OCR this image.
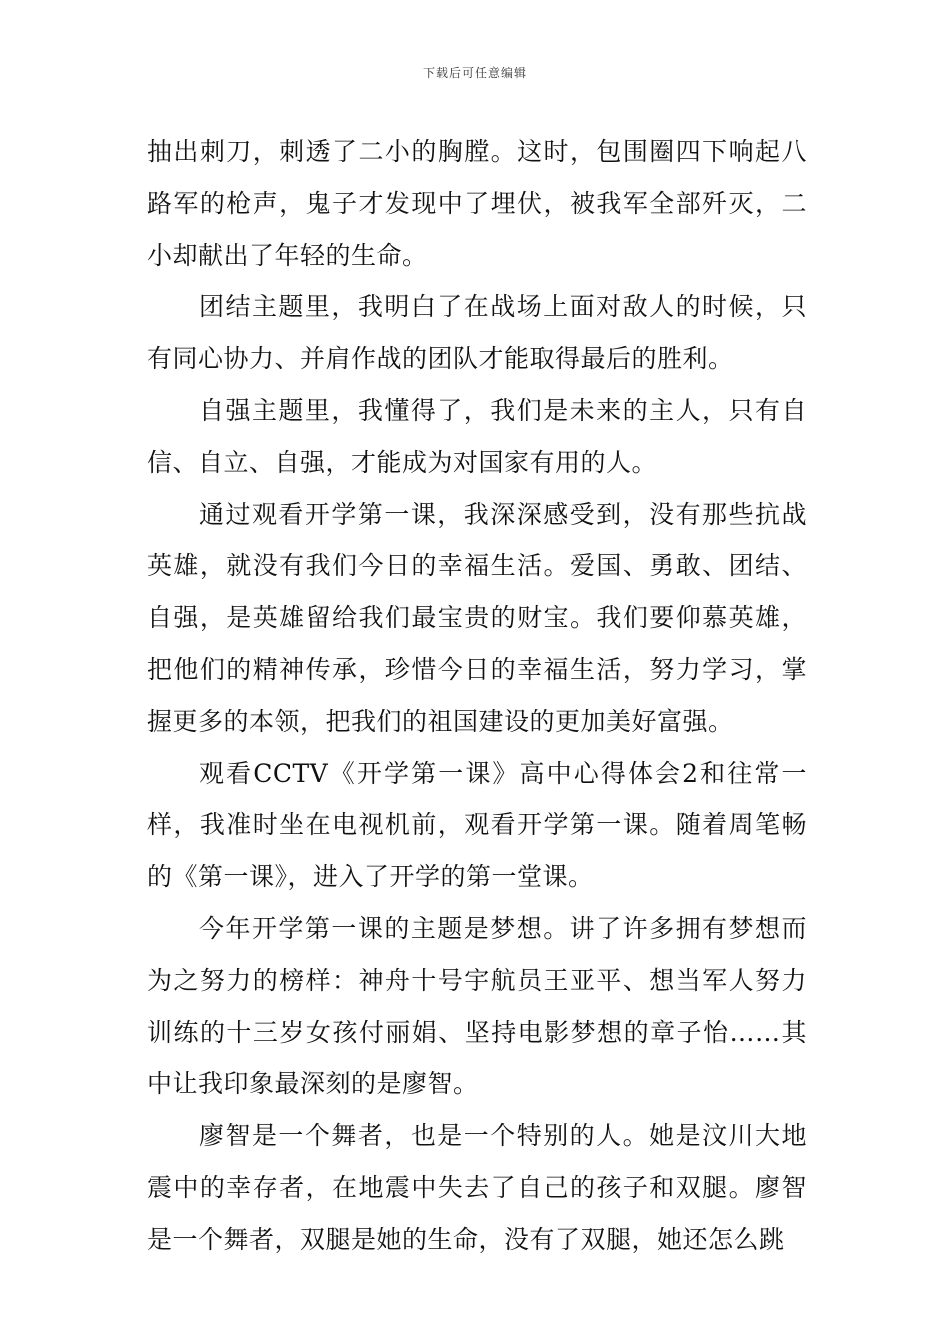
下载后可任意编辑

抽出刺刀，刺透了二小的胸膛。这时，包围圈四下响起八路军的枪声，鬼子才发现中了埋伏，被我军全部歼灭，二小却献出了年轻的生命。

团结主题里，我明白了在战场上面对敌人的时候，只有同心协力、并肩作战的团队才能取得最后的胜利。

自强主题里，我懂得了，我们是未来的主人，只有自信、自立、自强，才能成为对国家有用的人。

通过观看开学第一课，我深深感受到，没有那些抗战英雄，就没有我们今日的幸福生活。爱国、勇敢、团结、自强，是英雄留给我们最宝贵的财宝。我们要仰慕英雄，把他们的精神传承，珍惜今日的幸福生活，努力学习，掌握更多的本领，把我们的祖国建设的更加美好富强。

观看CCTV《开学第一课》高中心得体会2和往常一样，我准时坐在电视机前，观看开学第一课。随着周笔畅的《第一课》，进入了开学的第一堂课。

今年开学第一课的主题是梦想。讲了许多拥有梦想而为之努力的榜样：神舟十号宇航员王亚平、想当军人努力训练的十三岁女孩付丽娟、坚持电影梦想的章子怡……其中让我印象最深刻的是廖智。

廖智是一个舞者，也是一个特别的人。她是汶川大地震中的幸存者，在地震中失去了自己的孩子和双腿。廖智是一个舞者，双腿是她的生命，没有了双腿，她还怎么跳
